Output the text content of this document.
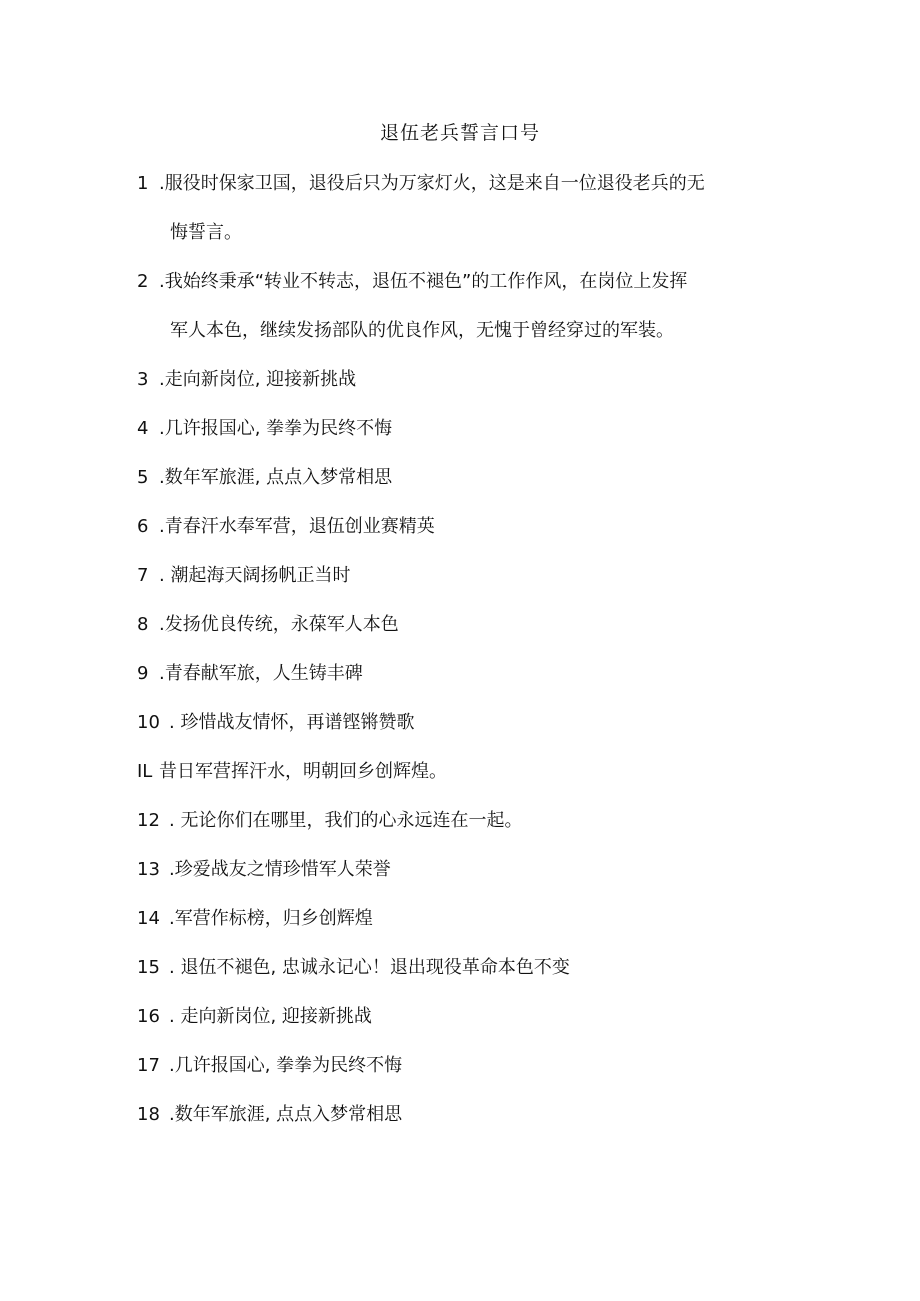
退伍老兵誓言口号
1 .服役时保家卫国，退役后只为万家灯火，这是来自一位退役老兵的无
悔誓言。
2 .我始终秉承“转业不转志，退伍不褪色”的工作作风，在岗位上发挥
军人本色，继续发扬部队的优良作风，无愧于曾经穿过的军装。
3 .走向新岗位, 迎接新挑战
4 .几许报国心, 拳拳为民终不悔
5 .数年军旅涯, 点点入梦常相思
6 .青春汗水奉军营，退伍创业赛精英
7 . 潮起海天阔扬帆正当时
8 .发扬优良传统，永葆军人本色
9 .青春献军旅，人生铸丰碑
10 . 珍惜战友情怀，再谱铿锵赞歌
IL 昔日军营挥汗水，明朝回乡创辉煌。
12 . 无论你们在哪里，我们的心永远连在一起。
13 .珍爱战友之情珍惜军人荣誉
14 .军营作标榜，归乡创辉煌
15 . 退伍不褪色, 忠诚永记心！退出现役革命本色不变
16 . 走向新岗位, 迎接新挑战
17 .几许报国心, 拳拳为民终不悔
18 .数年军旅涯, 点点入梦常相思
